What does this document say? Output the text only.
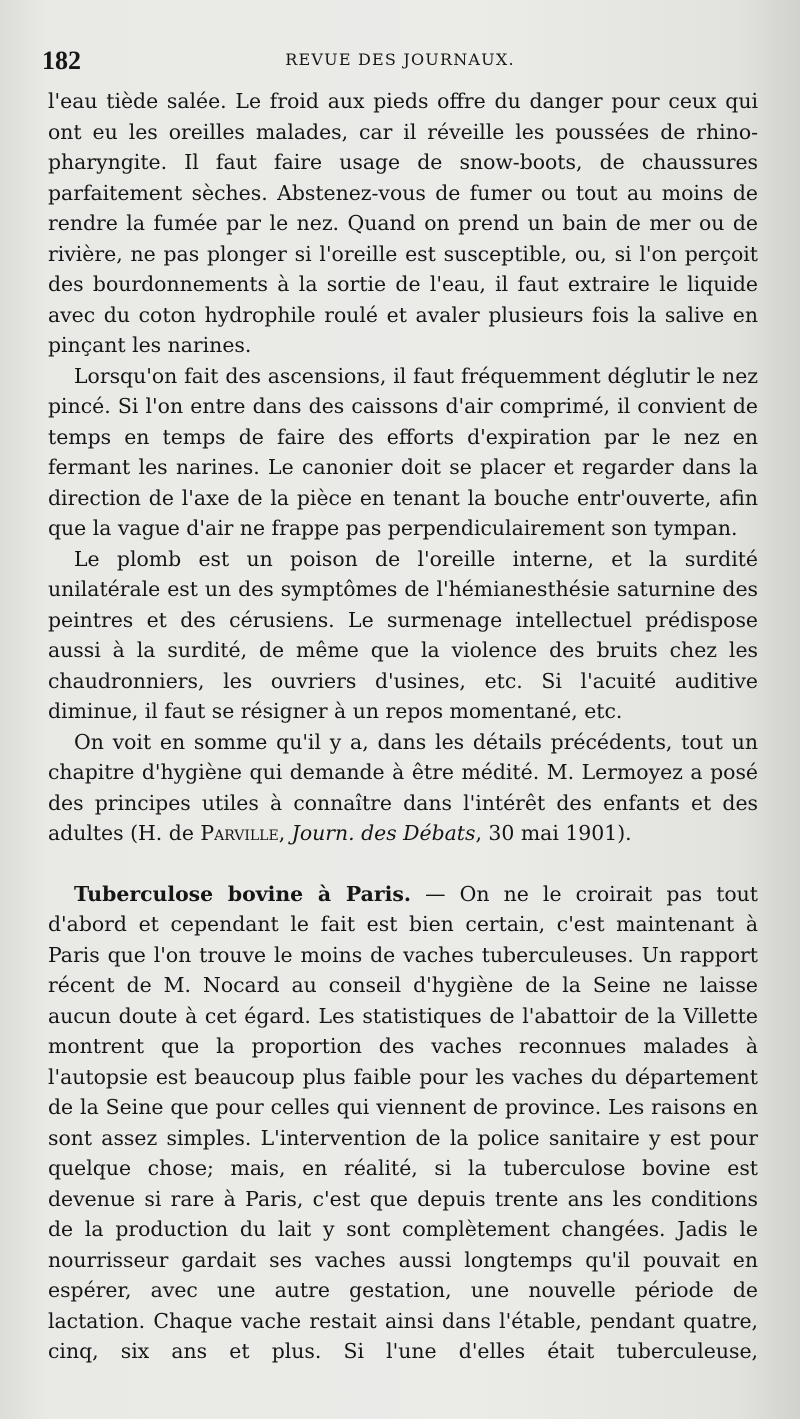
182	REVUE DES JOURNAUX.

l'eau tiède salée. Le froid aux pieds offre du danger pour ceux qui ont eu les oreilles malades, car il réveille les poussées de rhino-pharyngite. Il faut faire usage de snow-boots, de chaussures parfaitement sèches. Abstenez-vous de fumer ou tout au moins de rendre la fumée par le nez. Quand on prend un bain de mer ou de rivière, ne pas plonger si l'oreille est susceptible, ou, si l'on perçoit des bourdonnements à la sortie de l'eau, il faut extraire le liquide avec du coton hydrophile roulé et avaler plusieurs fois la salive en pinçant les narines.

Lorsqu'on fait des ascensions, il faut fréquemment déglutir le nez pincé. Si l'on entre dans des caissons d'air comprimé, il convient de temps en temps de faire des efforts d'expiration par le nez en fermant les narines. Le canonier doit se placer et regarder dans la direction de l'axe de la pièce en tenant la bouche entr'ouverte, afin que la vague d'air ne frappe pas perpendiculairement son tympan.

Le plomb est un poison de l'oreille interne, et la surdité unilatérale est un des symptômes de l'hémianesthésie saturnine des peintres et des cérusiens. Le surmenage intellectuel prédispose aussi à la surdité, de même que la violence des bruits chez les chaudronniers, les ouvriers d'usines, etc. Si l'acuité auditive diminue, il faut se résigner à un repos momentané, etc.

On voit en somme qu'il y a, dans les détails précédents, tout un chapitre d'hygiène qui demande à être médité. M. Lermoyez a posé des principes utiles à connaître dans l'intérêt des enfants et des adultes (H. de Parville, Journ. des Débats, 30 mai 1901).

Tuberculose bovine à Paris. — On ne le croirait pas tout d'abord et cependant le fait est bien certain, c'est maintenant à Paris que l'on trouve le moins de vaches tuberculeuses. Un rapport récent de M. Nocard au conseil d'hygiène de la Seine ne laisse aucun doute à cet égard. Les statistiques de l'abattoir de la Villette montrent que la proportion des vaches reconnues malades à l'autopsie est beaucoup plus faible pour les vaches du département de la Seine que pour celles qui viennent de province. Les raisons en sont assez simples. L'intervention de la police sanitaire y est pour quelque chose; mais, en réalité, si la tuberculose bovine est devenue si rare à Paris, c'est que depuis trente ans les conditions de la production du lait y sont complètement changées. Jadis le nourrisseur gardait ses vaches aussi longtemps qu'il pouvait en espérer, avec une autre gestation, une nouvelle période de lactation. Chaque vache restait ainsi dans l'étable, pendant quatre, cinq, six ans et plus. Si l'une d'elles était tuberculeuse,
